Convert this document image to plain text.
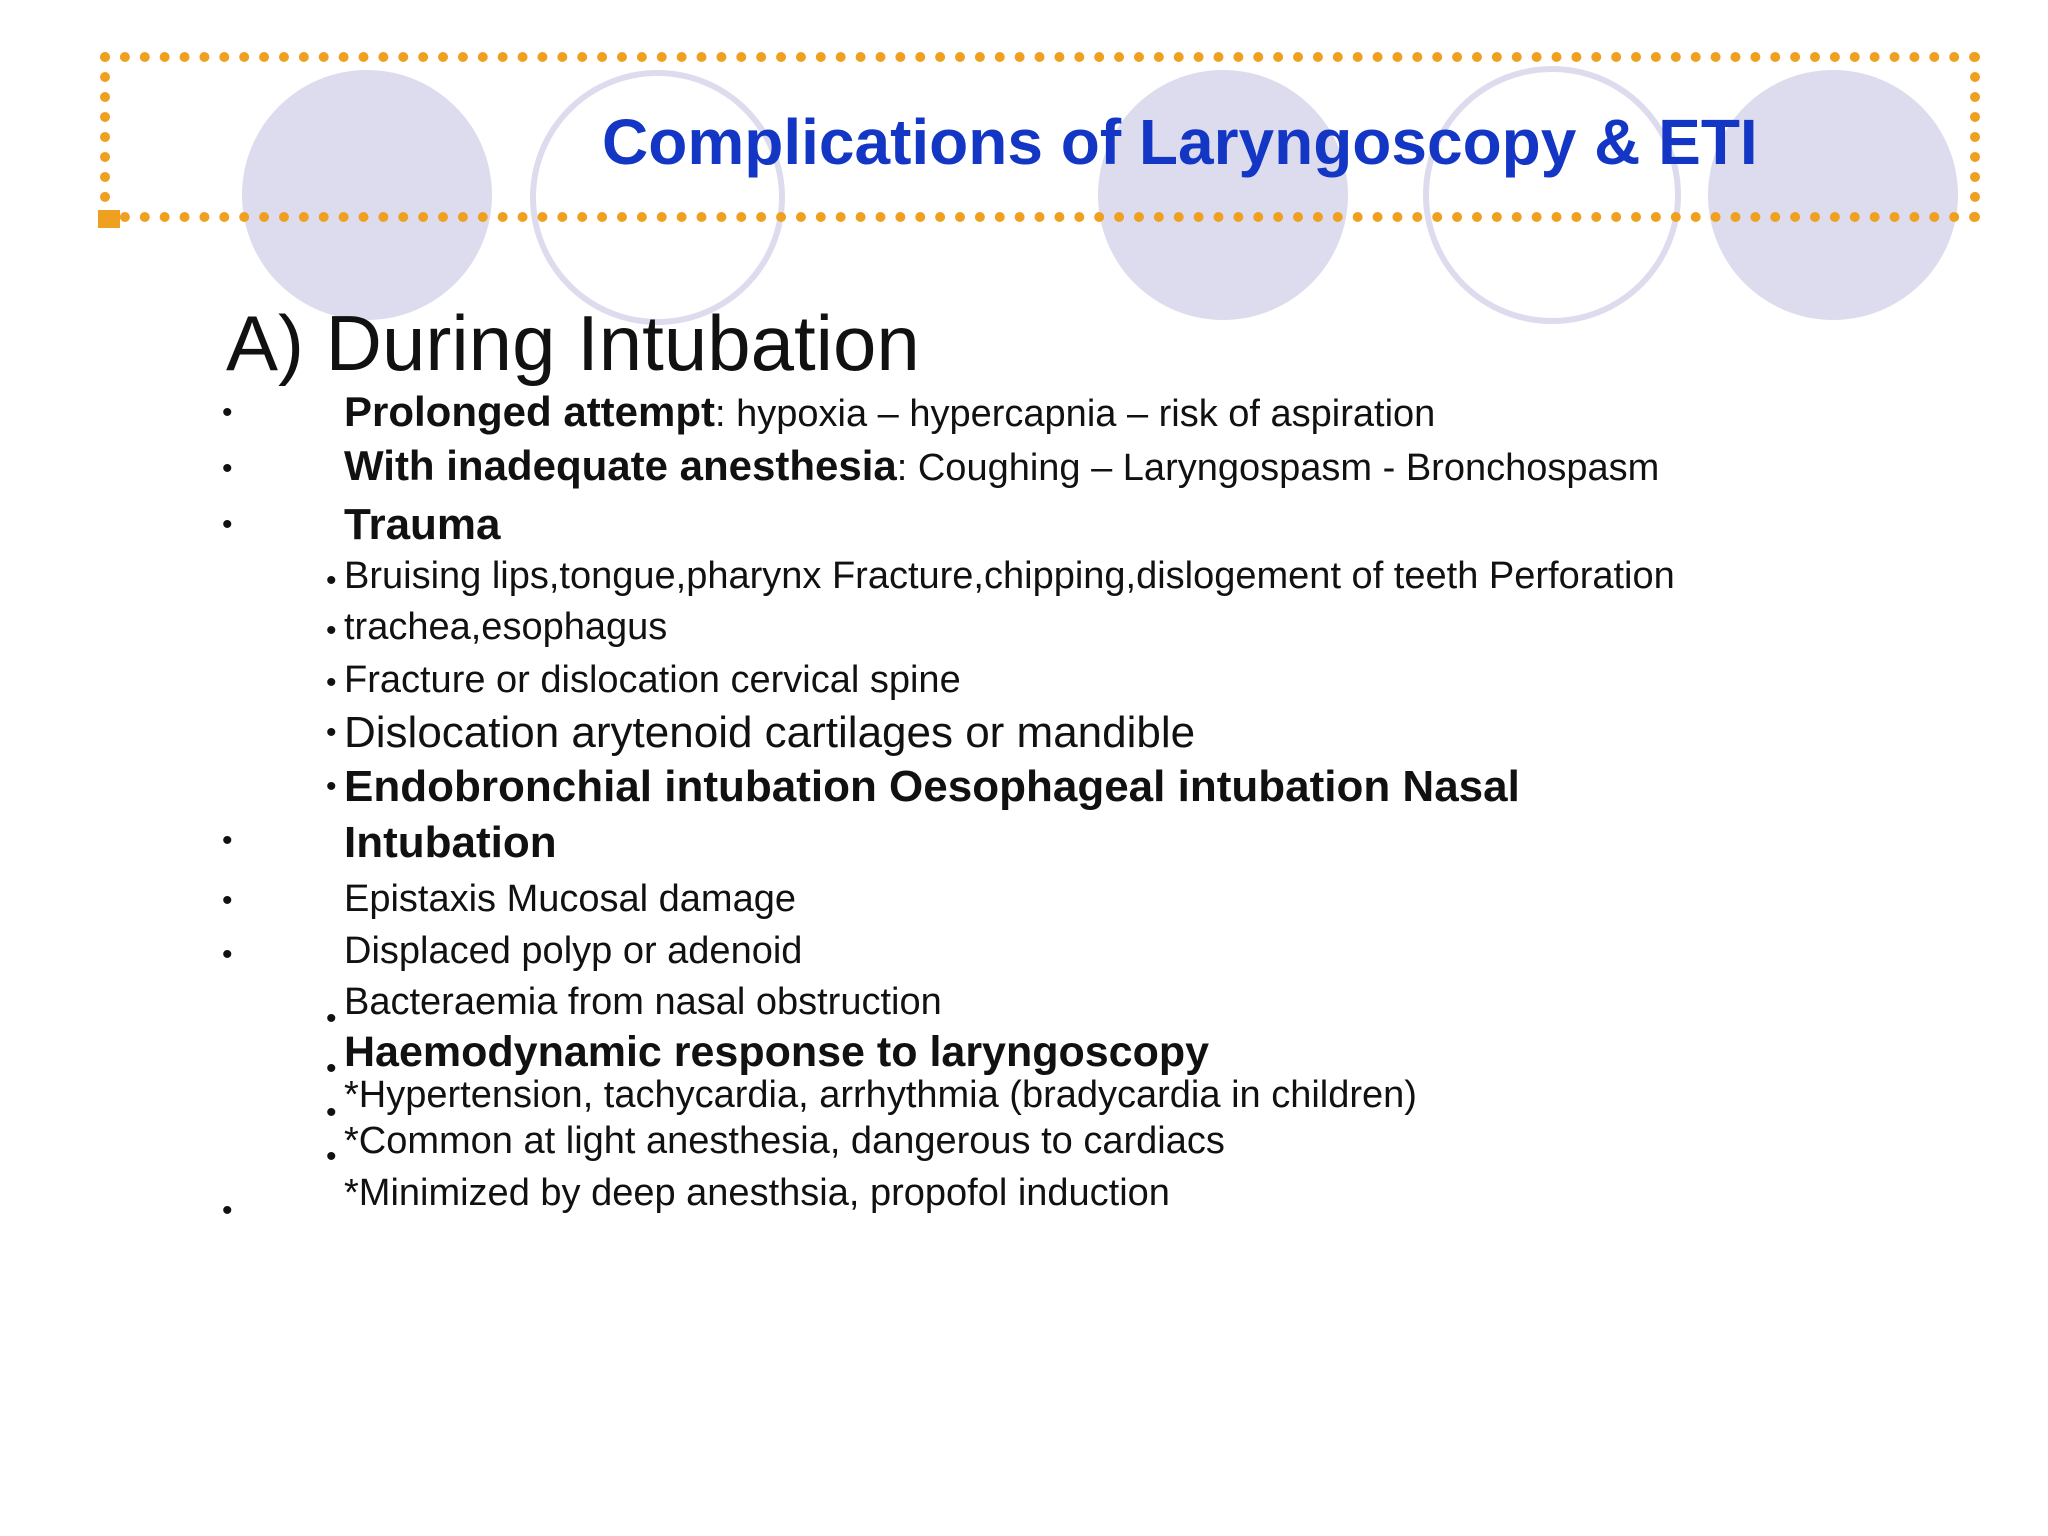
Complications of Laryngoscopy & ETI
A) During Intubation
•
•
•
•
•
•
•
•
•
•
•
•
•
•
•
•
Prolonged attempt: hypoxia – hypercapnia – risk of aspiration
With inadequate anesthesia: Coughing – Laryngospasm - Bronchospasm
Trauma
Bruising lips,tongue,pharynx Fracture,chipping,dislogement of teeth Perforation
trachea,esophagus
Fracture or dislocation cervical spine
Dislocation arytenoid cartilages or mandible
Endobronchial intubation Oesophageal intubation Nasal
Intubation
Epistaxis Mucosal damage
Displaced polyp or adenoid
Bacteraemia from nasal obstruction
Haemodynamic response to laryngoscopy
*Hypertension, tachycardia, arrhythmia (bradycardia in children)
*Common at light anesthesia, dangerous to cardiacs
*Minimized by deep anesthsia, propofol induction
